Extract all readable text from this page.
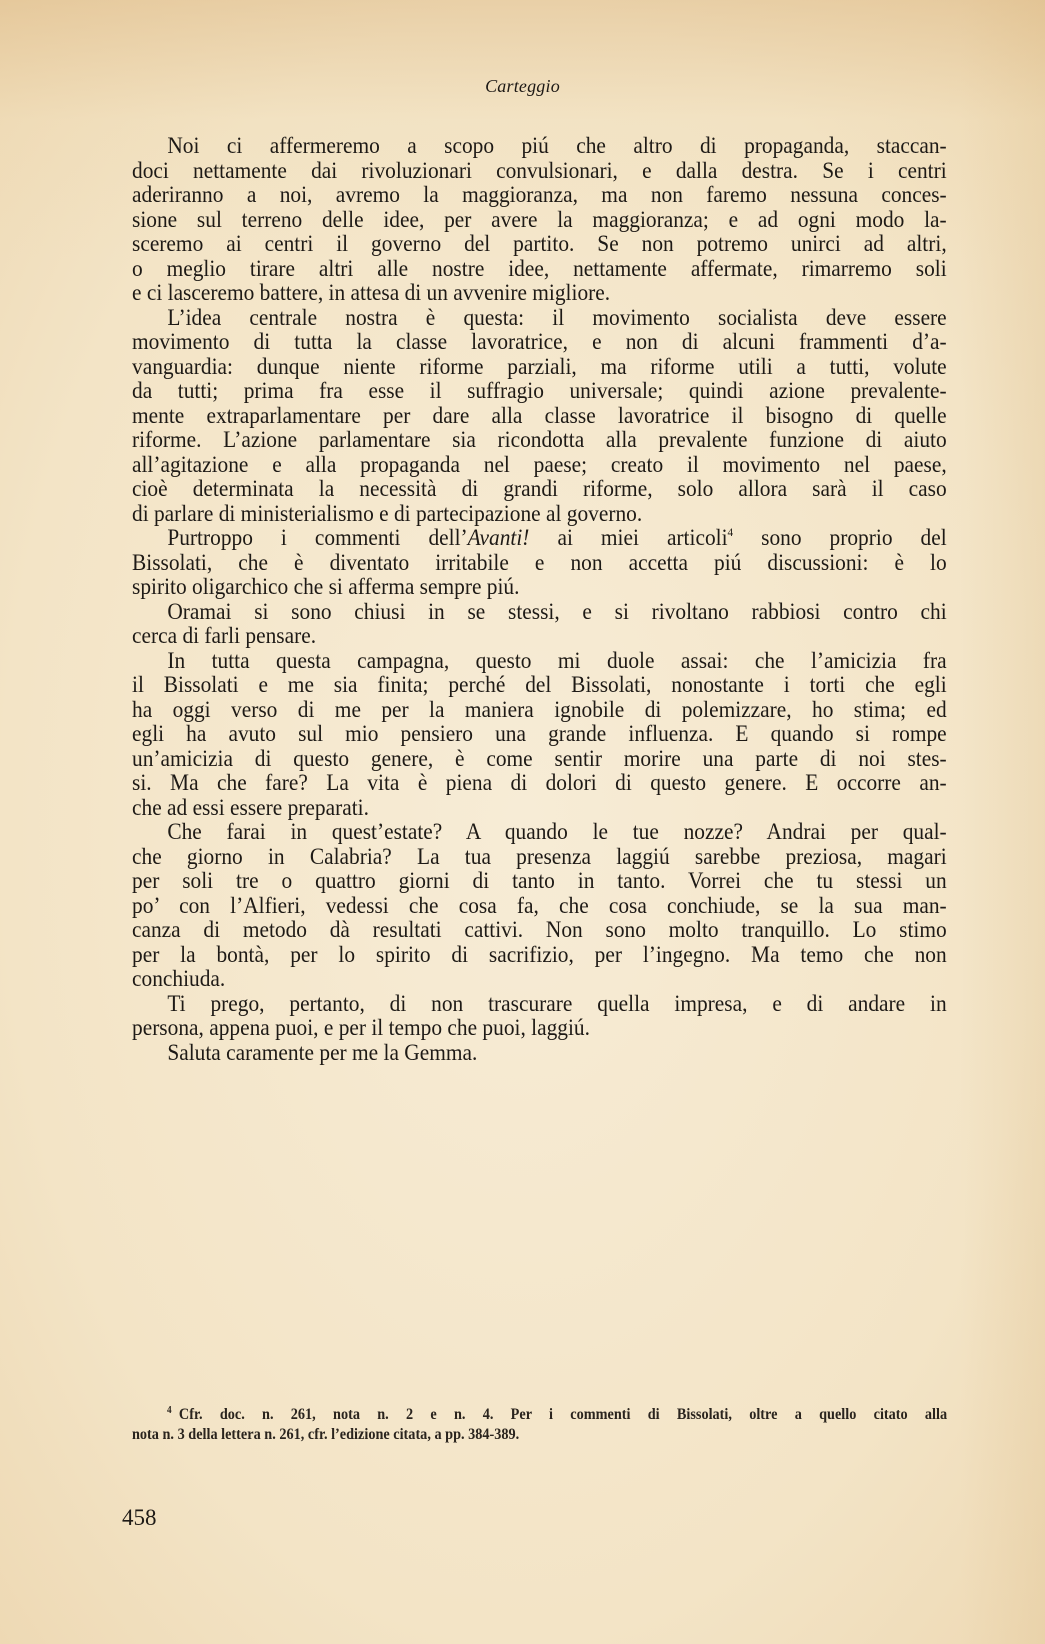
Carteggio
Noi ci affermeremo a scopo piú che altro di propaganda, staccan-
doci nettamente dai rivoluzionari convulsionari, e dalla destra. Se i centri
aderiranno a noi, avremo la maggioranza, ma non faremo nessuna conces-
sione sul terreno delle idee, per avere la maggioranza; e ad ogni modo la-
sceremo ai centri il governo del partito. Se non potremo unirci ad altri,
o meglio tirare altri alle nostre idee, nettamente affermate, rimarremo soli
e ci lasceremo battere, in attesa di un avvenire migliore.
L’idea centrale nostra è questa: il movimento socialista deve essere
movimento di tutta la classe lavoratrice, e non di alcuni frammenti d’a-
vanguardia: dunque niente riforme parziali, ma riforme utili a tutti, volute
da tutti; prima fra esse il suffragio universale; quindi azione prevalente-
mente extraparlamentare per dare alla classe lavoratrice il bisogno di quelle
riforme. L’azione parlamentare sia ricondotta alla prevalente funzione di aiuto
all’agitazione e alla propaganda nel paese; creato il movimento nel paese,
cioè determinata la necessità di grandi riforme, solo allora sarà il caso
di parlare di ministerialismo e di partecipazione al governo.
Purtroppo i commenti dell’Avanti! ai miei articoli$^4$ sono proprio del
Bissolati, che è diventato irritabile e non accetta piú discussioni: è lo
spirito oligarchico che si afferma sempre piú.
Oramai si sono chiusi in se stessi, e si rivoltano rabbiosi contro chi
cerca di farli pensare.
In tutta questa campagna, questo mi duole assai: che l’amicizia fra
il Bissolati e me sia finita; perché del Bissolati, nonostante i torti che egli
ha oggi verso di me per la maniera ignobile di polemizzare, ho stima; ed
egli ha avuto sul mio pensiero una grande influenza. E quando si rompe
un’amicizia di questo genere, è come sentir morire una parte di noi stes-
si. Ma che fare? La vita è piena di dolori di questo genere. E occorre an-
che ad essi essere preparati.
Che farai in quest’estate? A quando le tue nozze? Andrai per qual-
che giorno in Calabria? La tua presenza laggiú sarebbe preziosa, magari
per soli tre o quattro giorni di tanto in tanto. Vorrei che tu stessi un
po’ con l’Alfieri, vedessi che cosa fa, che cosa conchiude, se la sua man-
canza di metodo dà resultati cattivi. Non sono molto tranquillo. Lo stimo
per la bontà, per lo spirito di sacrifizio, per l’ingegno. Ma temo che non
conchiuda.
Ti prego, pertanto, di non trascurare quella impresa, e di andare in
persona, appena puoi, e per il tempo che puoi, laggiú.
Saluta caramente per me la Gemma.
$^4$ Cfr. doc. n. 261, nota n. 2 e n. 4. Per i commenti di Bissolati, oltre a quello citato alla
nota n. 3 della lettera n. 261, cfr. l’edizione citata, a pp. 384-389.
458
